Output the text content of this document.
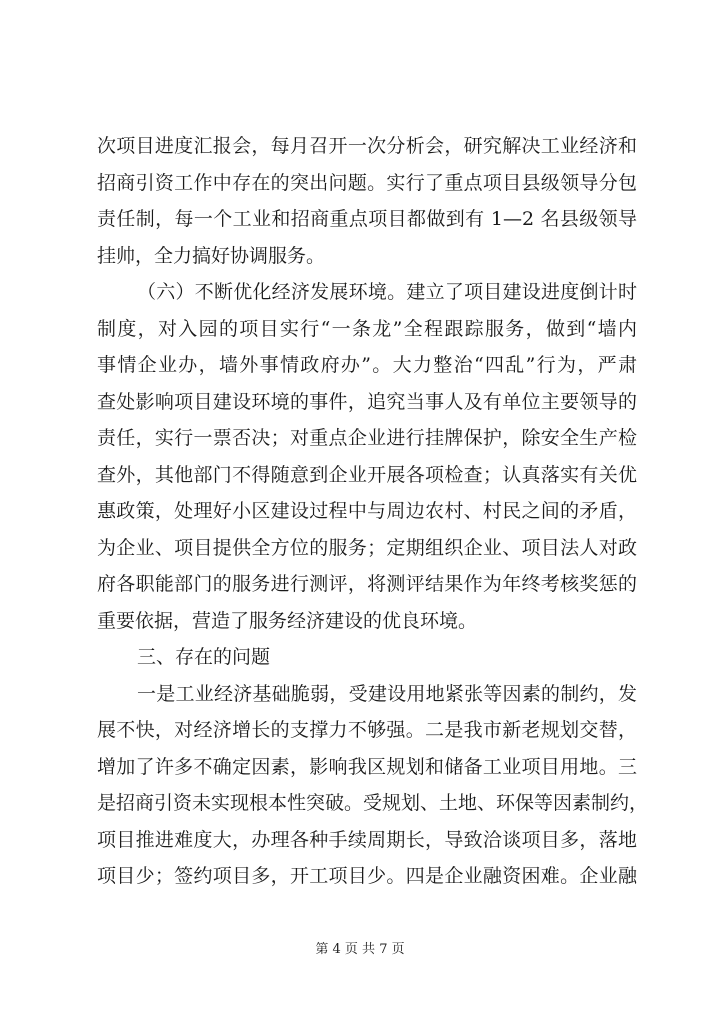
次项目进度汇报会，每月召开一次分析会，研究解决工业经济和
招商引资工作中存在的突出问题。实行了重点项目县级领导分包
责任制，每一个工业和招商重点项目都做到有 1—2 名县级领导
挂帅，全力搞好协调服务。
（六）不断优化经济发展环境。建立了项目建设进度倒计时
制度，对入园的项目实行“一条龙”全程跟踪服务，做到“墙内
事情企业办，墙外事情政府办”。大力整治“四乱”行为，严肃
查处影响项目建设环境的事件，追究当事人及有单位主要领导的
责任，实行一票否决；对重点企业进行挂牌保护，除安全生产检
查外，其他部门不得随意到企业开展各项检查；认真落实有关优
惠政策，处理好小区建设过程中与周边农村、村民之间的矛盾，
为企业、项目提供全方位的服务；定期组织企业、项目法人对政
府各职能部门的服务进行测评，将测评结果作为年终考核奖惩的
重要依据，营造了服务经济建设的优良环境。
三、存在的问题
一是工业经济基础脆弱，受建设用地紧张等因素的制约，发
展不快，对经济增长的支撑力不够强。二是我市新老规划交替，
增加了许多不确定因素，影响我区规划和储备工业项目用地。三
是招商引资未实现根本性突破。受规划、土地、环保等因素制约，
项目推进难度大，办理各种手续周期长，导致洽谈项目多，落地
项目少；签约项目多，开工项目少。四是企业融资困难。企业融
第 4 页 共 7 页
